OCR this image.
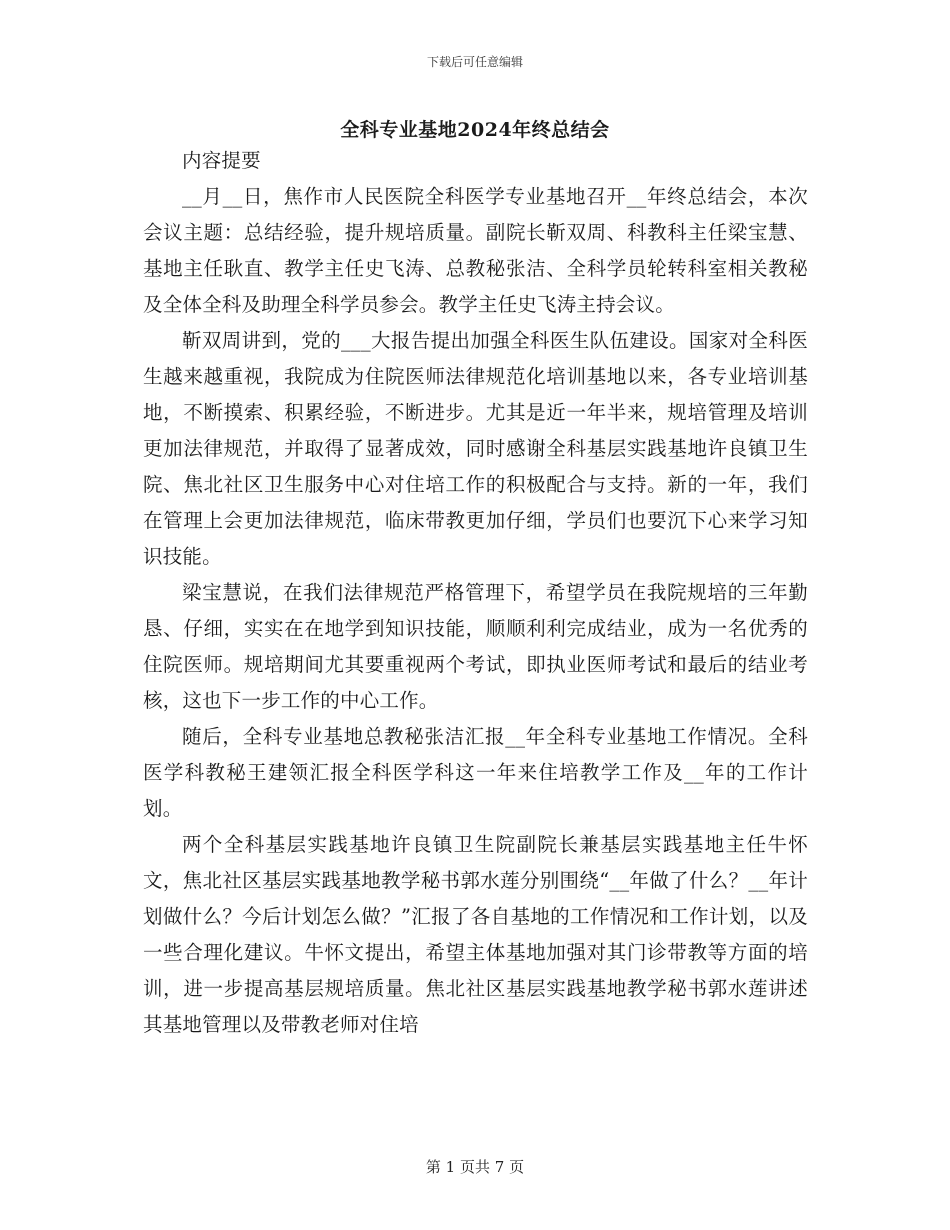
下载后可任意编辑
全科专业基地2024年终总结会

内容提要

__月__日，焦作市人民医院全科医学专业基地召开__年终总结会，本次会议主题：总结经验，提升规培质量。副院长靳双周、科教科主任梁宝慧、基地主任耿直、教学主任史飞涛、总教秘张洁、全科学员轮转科室相关教秘及全体全科及助理全科学员参会。教学主任史飞涛主持会议。

靳双周讲到，党的___大报告提出加强全科医生队伍建设。国家对全科医生越来越重视，我院成为住院医师法律规范化培训基地以来，各专业培训基地，不断摸索、积累经验，不断进步。尤其是近一年半来，规培管理及培训更加法律规范，并取得了显著成效，同时感谢全科基层实践基地许良镇卫生院、焦北社区卫生服务中心对住培工作的积极配合与支持。新的一年，我们在管理上会更加法律规范，临床带教更加仔细，学员们也要沉下心来学习知识技能。

梁宝慧说，在我们法律规范严格管理下，希望学员在我院规培的三年勤恳、仔细，实实在在地学到知识技能，顺顺利利完成结业，成为一名优秀的住院医师。规培期间尤其要重视两个考试，即执业医师考试和最后的结业考核，这也下一步工作的中心工作。

随后，全科专业基地总教秘张洁汇报__年全科专业基地工作情况。全科医学科教秘王建领汇报全科医学科这一年来住培教学工作及__年的工作计划。

两个全科基层实践基地许良镇卫生院副院长兼基层实践基地主任牛怀文，焦北社区基层实践基地教学秘书郭水莲分别围绕“__年做了什么？__年计划做什么？今后计划怎么做？”汇报了各自基地的工作情况和工作计划，以及一些合理化建议。牛怀文提出，希望主体基地加强对其门诊带教等方面的培训，进一步提高基层规培质量。焦北社区基层实践基地教学秘书郭水莲讲述其基地管理以及带教老师对住培

第 1 页共 7 页
